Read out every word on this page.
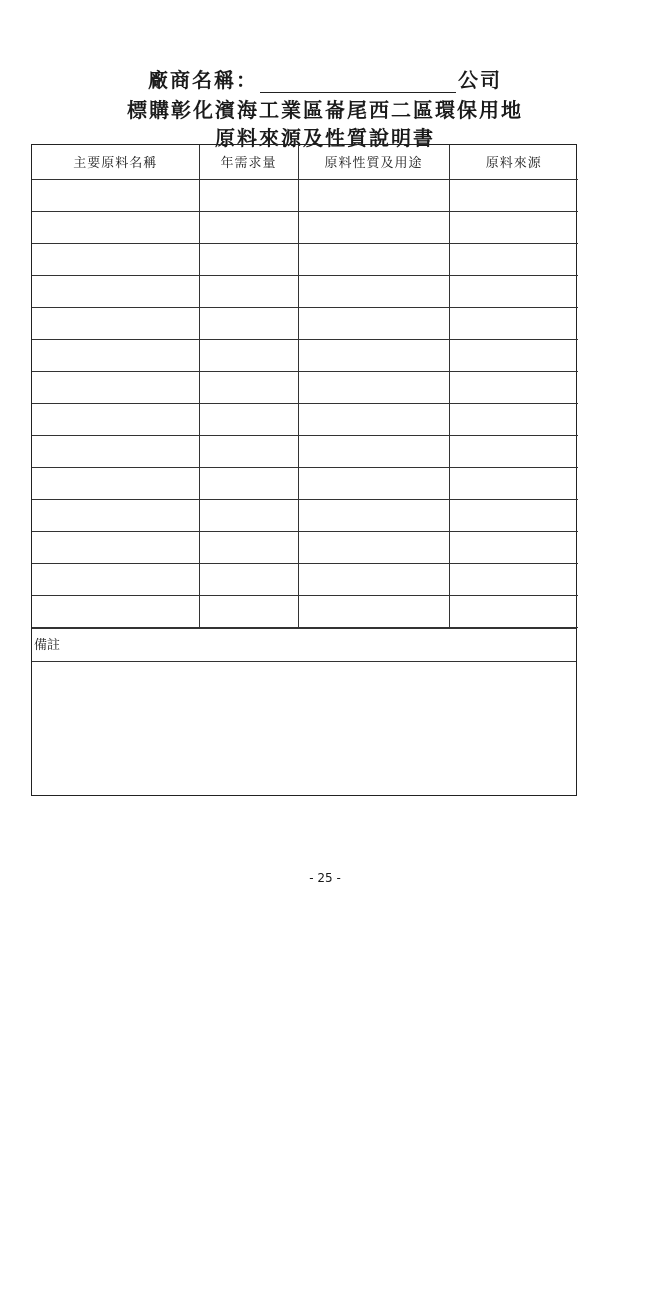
廠商名稱：	公司
標購彰化濱海工業區崙尾西二區環保用地
原料來源及性質說明書
主要原料名稱	年需求量	原料性質及用途	原料來源

備註
- 25 -
